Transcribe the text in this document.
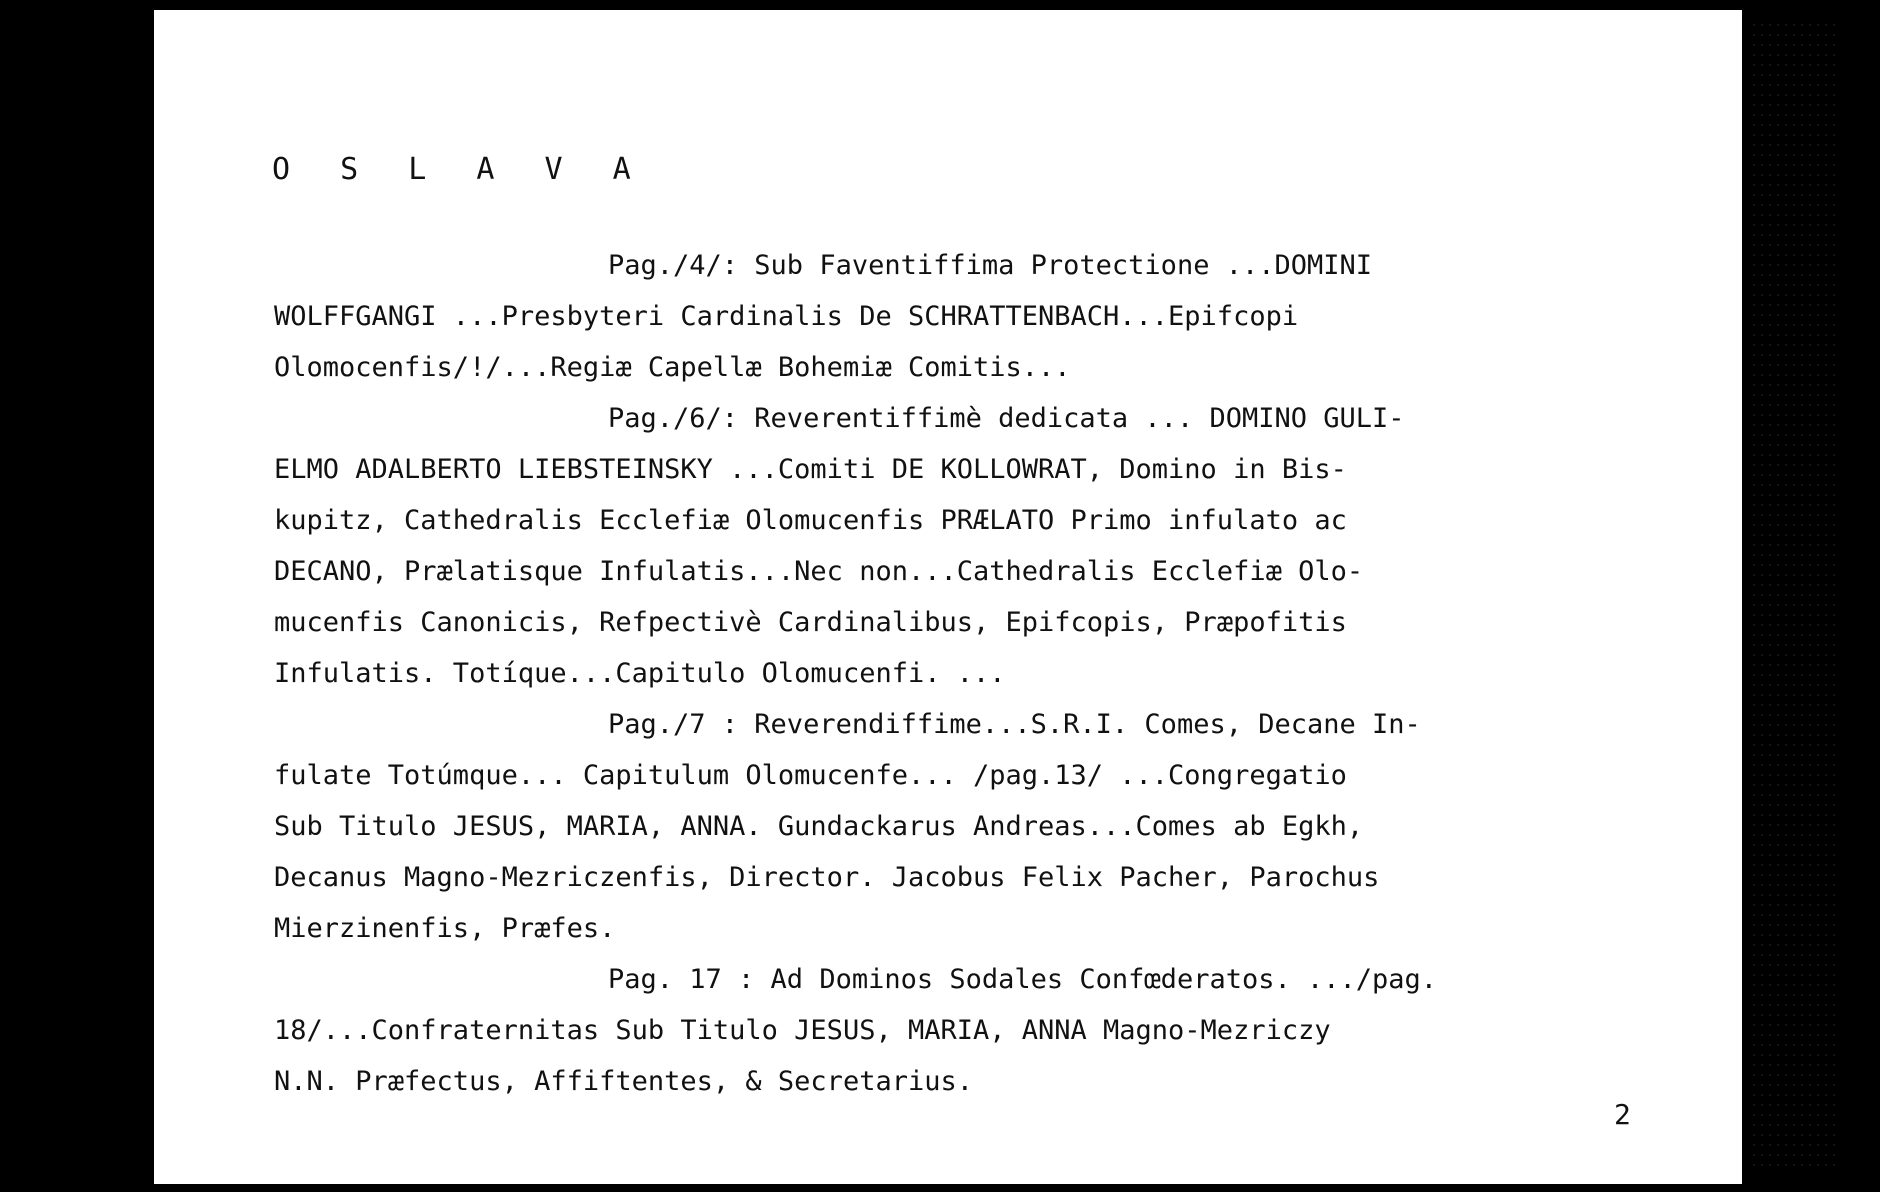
O S L A V A
Pag./4/: Sub Faventiffima Protectione ...DOMINI
WOLFFGANGI ...Presbyteri Cardinalis De SCHRATTENBACH...Epifcopi
Olomocenfis/!/...Regiæ Capellæ Bohemiæ Comitis...
Pag./6/: Reverentiffimè dedicata ... DOMINO GULI-
ELMO ADALBERTO LIEBSTEINSKY ...Comiti DE KOLLOWRAT, Domino in Bis-
kupitz, Cathedralis Ecclefiæ Olomucenfis PRÆLATO Primo infulato ac
DECANO, Prælatisque Infulatis...Nec non...Cathedralis Ecclefiæ Olo-
mucenfis Canonicis, Refpectivè Cardinalibus, Epifcopis, Præpofitis
Infulatis. Totíque...Capitulo Olomucenfi. ...
Pag./7 : Reverendiffime...S.R.I. Comes, Decane In-
fulate Totúmque... Capitulum Olomucenfe... /pag.13/ ...Congregatio
Sub Titulo JESUS, MARIA, ANNA. Gundackarus Andreas...Comes ab Egkh,
Decanus Magno-Mezriczenfis, Director. Jacobus Felix Pacher, Parochus
Mierzinenfis, Præfes.
Pag. 17 : Ad Dominos Sodales Confœderatos. .../pag.
18/...Confraternitas Sub Titulo JESUS, MARIA, ANNA Magno-Mezriczy
N.N. Præfectus, Affiftentes, & Secretarius.
2
